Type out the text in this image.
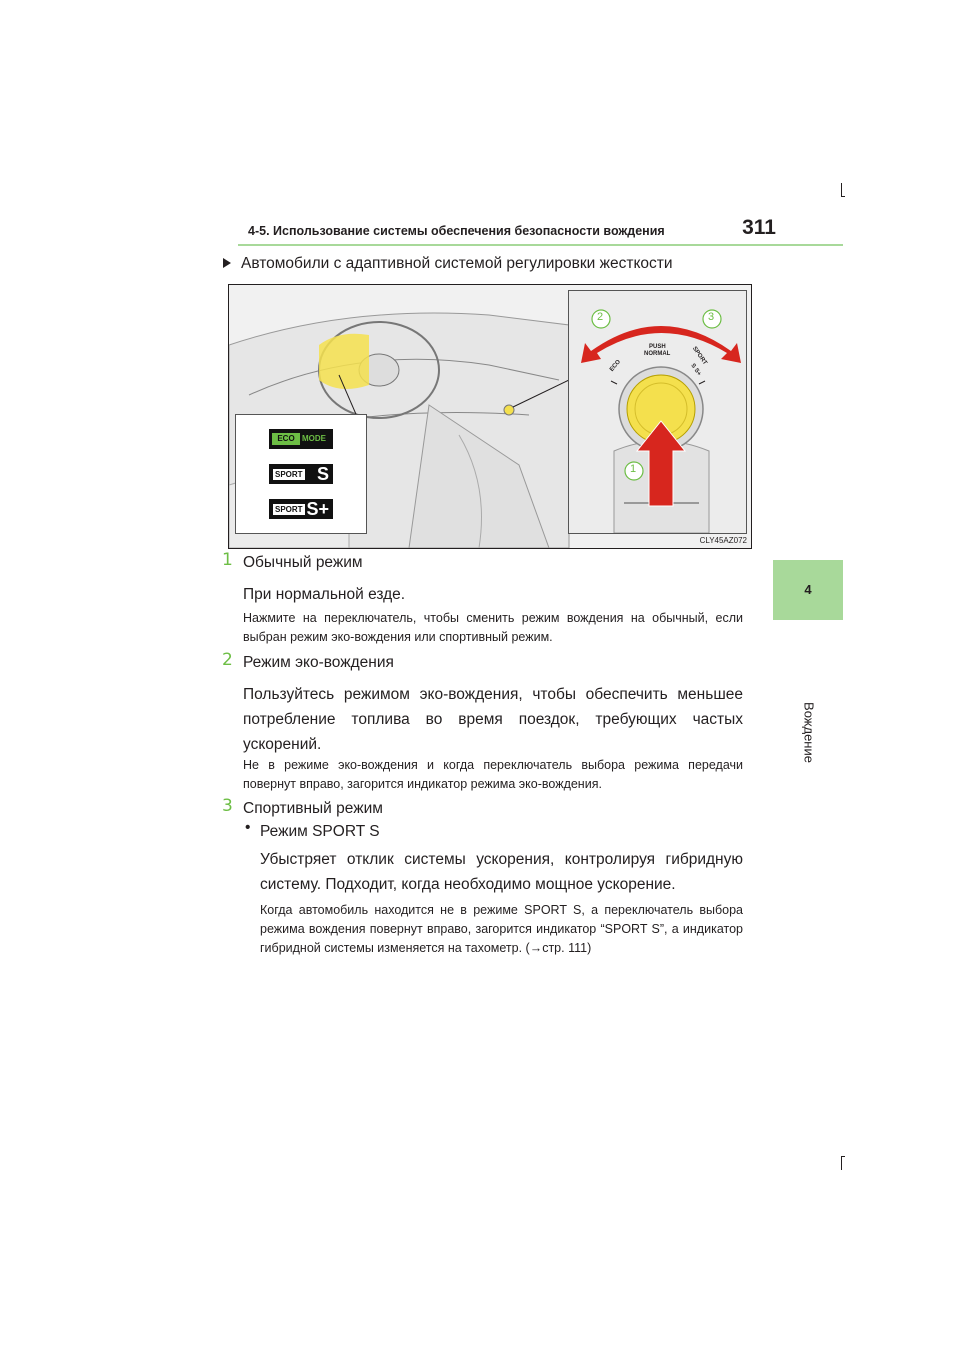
4-5. Использование системы обеспечения безопасности вождения	311
4
Вождение
Автомобили с адаптивной системой регулировки жесткости
ECO MODE
SPORT S
SPORT S+
2	3
1
PUSH
NORMAL
ECO	SPORT
S S+
CLY45AZ072
1 Обычный режим
При нормальной езде.
Нажмите на переключатель, чтобы сменить режим вождения на обычный, если выбран режим эко-вождения или спортивный режим.
2 Режим эко-вождения
Пользуйтесь режимом эко-вождения, чтобы обеспечить меньшее потребление топлива во время поездок, требующих частых ускорений.
Не в режиме эко-вождения и когда переключатель выбора режима передачи повернут вправо, загорится индикатор режима эко-вождения.
3 Спортивный режим
• Режим SPORT S
Убыстряет отклик системы ускорения, контролируя гибридную систему. Подходит, когда необходимо мощное ускорение.
Когда автомобиль находится не в режиме SPORT S, а переключатель выбора режима вождения повернут вправо, загорится индикатор “SPORT S”, а индикатор гибридной системы изменяется на тахометр. (→стр. 111)
